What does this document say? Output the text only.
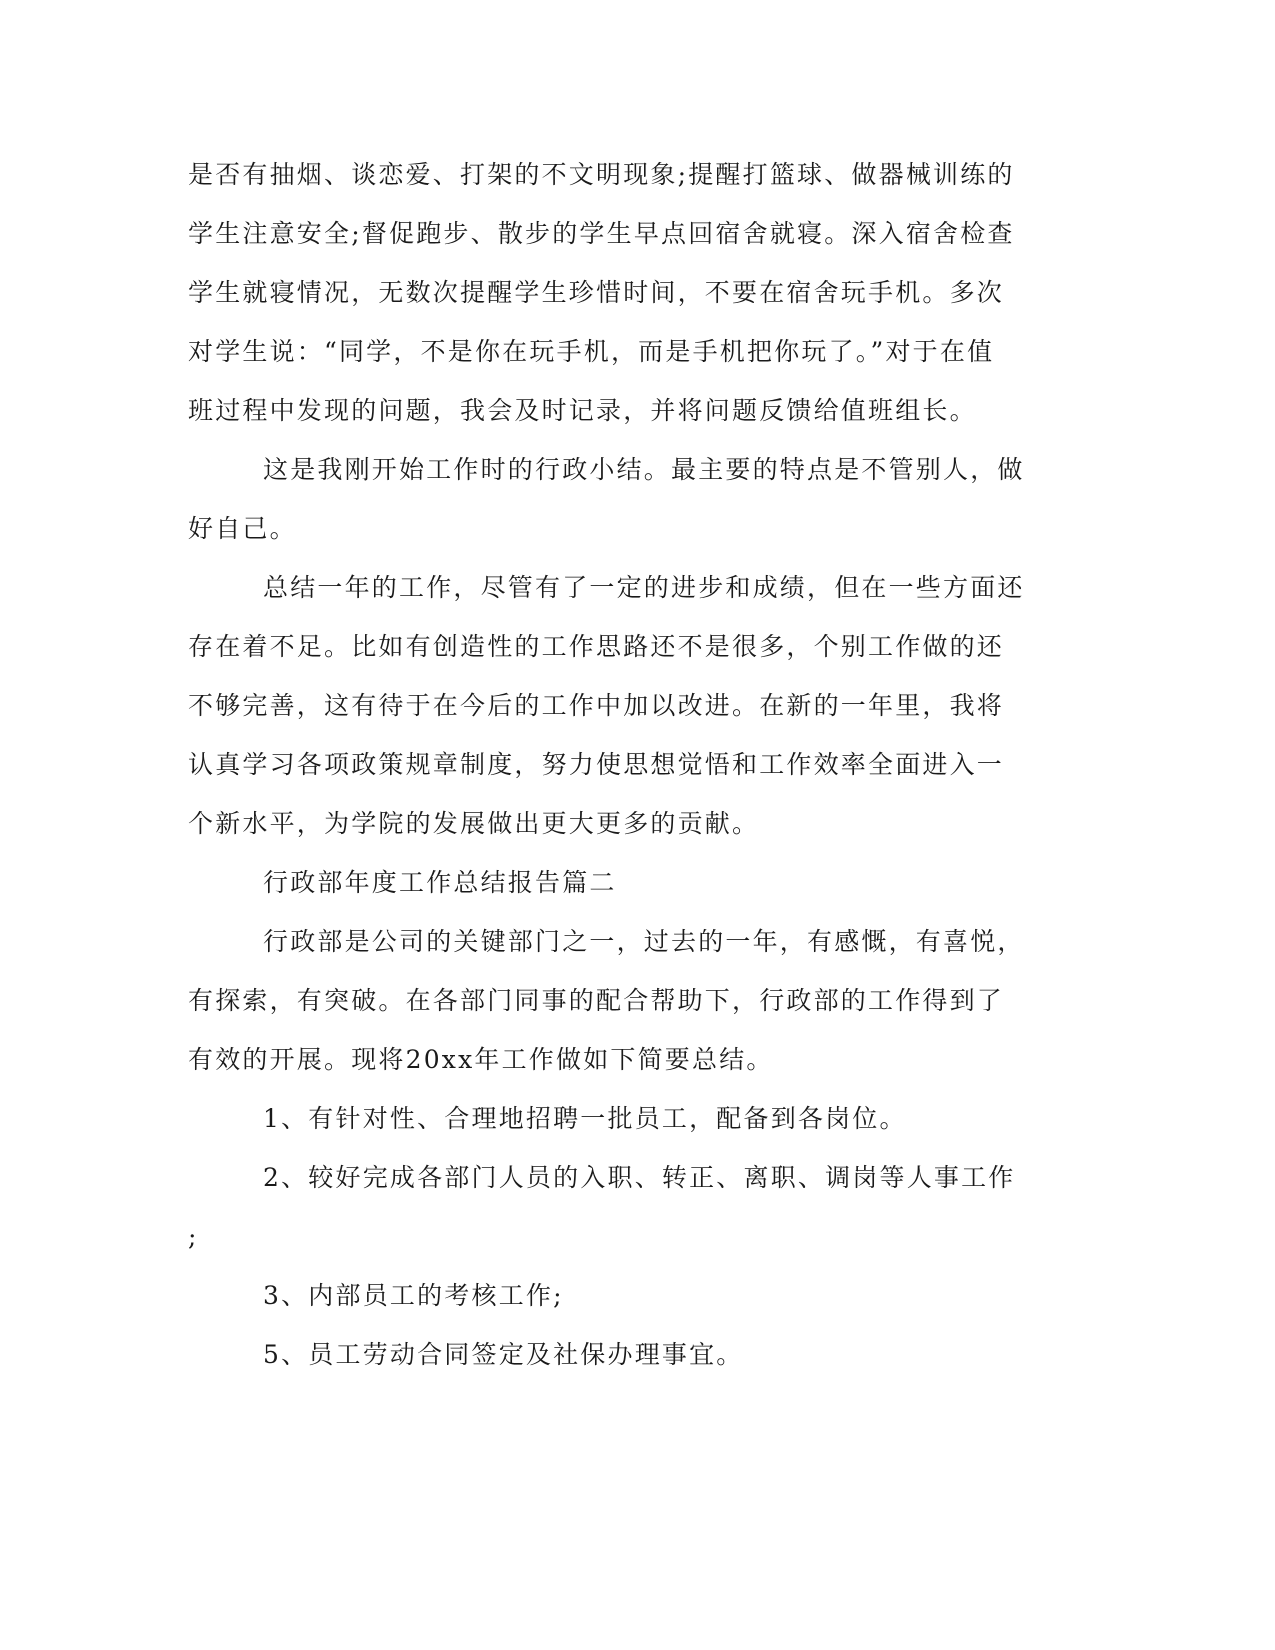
是否有抽烟、谈恋爱、打架的不文明现象;提醒打篮球、做器械训练的
学生注意安全;督促跑步、散步的学生早点回宿舍就寝。深入宿舍检查
学生就寝情况，无数次提醒学生珍惜时间，不要在宿舍玩手机。多次
对学生说：“同学，不是你在玩手机，而是手机把你玩了。”对于在值
班过程中发现的问题，我会及时记录，并将问题反馈给值班组长。
这是我刚开始工作时的行政小结。最主要的特点是不管别人，做
好自己。
总结一年的工作，尽管有了一定的进步和成绩，但在一些方面还
存在着不足。比如有创造性的工作思路还不是很多，个别工作做的还
不够完善，这有待于在今后的工作中加以改进。在新的一年里，我将
认真学习各项政策规章制度，努力使思想觉悟和工作效率全面进入一
个新水平，为学院的发展做出更大更多的贡献。
行政部年度工作总结报告篇二
行政部是公司的关键部门之一，过去的一年，有感慨，有喜悦，
有探索，有突破。在各部门同事的配合帮助下，行政部的工作得到了
有效的开展。现将20xx年工作做如下简要总结。
1、有针对性、合理地招聘一批员工，配备到各岗位。
2、较好完成各部门人员的入职、转正、离职、调岗等人事工作
;
3、内部员工的考核工作;
5、员工劳动合同签定及社保办理事宜。
